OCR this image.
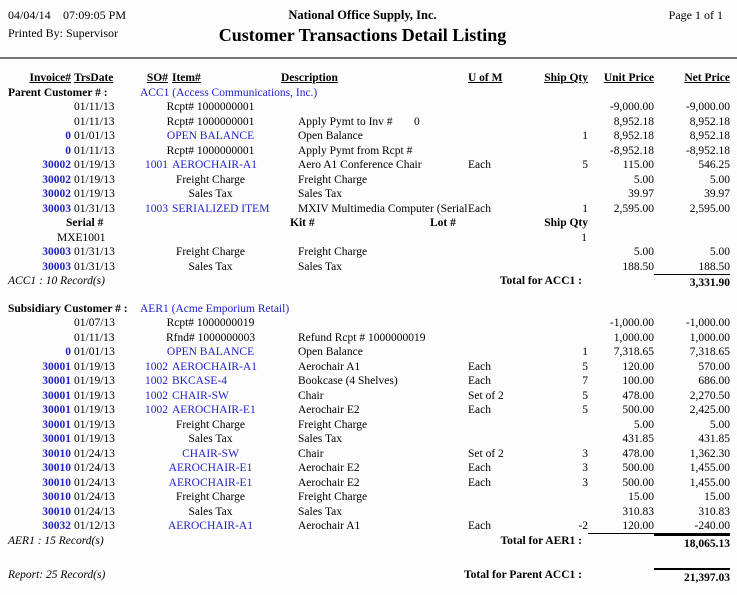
04/04/14 07:09:05 PM	National Office Supply, Inc.	Page 1 of 1
Printed By: Supervisor	Customer Transactions Detail Listing
Invoice# TrsDate	SO# Item#	Description	U of M	Ship Qty	Unit Price	Net Price
Parent Customer # :	ACC1 (Access Communications, Inc.)
01/11/13	Rcpt# 1000000001	-9,000.00	-9,000.00
01/11/13	Rcpt# 1000000001	Apply Pymt to Inv # 0	8,952.18	8,952.18
0 01/01/13	OPEN BALANCE	Open Balance	1	8,952.18	8,952.18
0 01/11/13	Rcpt# 1000000001	Apply Pymt from Rcpt #	-8,952.18	-8,952.18
30002 01/19/13	1001 AEROCHAIR-A1	Aero A1 Conference Chair	Each	5	115.00	546.25
30002 01/19/13	Freight Charge	Freight Charge	5.00	5.00
30002 01/19/13	Sales Tax	Sales Tax	39.97	39.97
30003 01/31/13	1003 SERIALIZED ITEM	MXIV Multimedia Computer (Serial Each	1	2,595.00	2,595.00
Serial #	Kit #	Lot #	Ship Qty
MXE1001	1
30003 01/31/13	Freight Charge	Freight Charge	5.00	5.00
30003 01/31/13	Sales Tax	Sales Tax	188.50	188.50
ACC1 : 10 Record(s)	Total for ACC1 :	3,331.90
Subsidiary Customer # :	AER1 (Acme Emporium Retail)
01/07/13	Rcpt# 1000000019	-1,000.00	-1,000.00
01/11/13	Rfnd# 1000000003	Refund Rcpt # 1000000019	1,000.00	1,000.00
0 01/01/13	OPEN BALANCE	Open Balance	1	7,318.65	7,318.65
30001 01/19/13	1002 AEROCHAIR-A1	Aerochair A1	Each	5	120.00	570.00
30001 01/19/13	1002 BKCASE-4	Bookcase (4 Shelves)	Each	7	100.00	686.00
30001 01/19/13	1002 CHAIR-SW	Chair	Set of 2	5	478.00	2,270.50
30001 01/19/13	1002 AEROCHAIR-E1	Aerochair E2	Each	5	500.00	2,425.00
30001 01/19/13	Freight Charge	Freight Charge	5.00	5.00
30001 01/19/13	Sales Tax	Sales Tax	431.85	431.85
30010 01/24/13	CHAIR-SW	Chair	Set of 2	3	478.00	1,362.30
30010 01/24/13	AEROCHAIR-E1	Aerochair E2	Each	3	500.00	1,455.00
30010 01/24/13	AEROCHAIR-E1	Aerochair E2	Each	3	500.00	1,455.00
30010 01/24/13	Freight Charge	Freight Charge	15.00	15.00
30010 01/24/13	Sales Tax	Sales Tax	310.83	310.83
30032 01/12/13	AEROCHAIR-A1	Aerochair A1	Each	-2	120.00	-240.00
AER1 : 15 Record(s)	Total for AER1 :	18,065.13
Report: 25 Record(s)	Total for Parent ACC1 :	21,397.03
